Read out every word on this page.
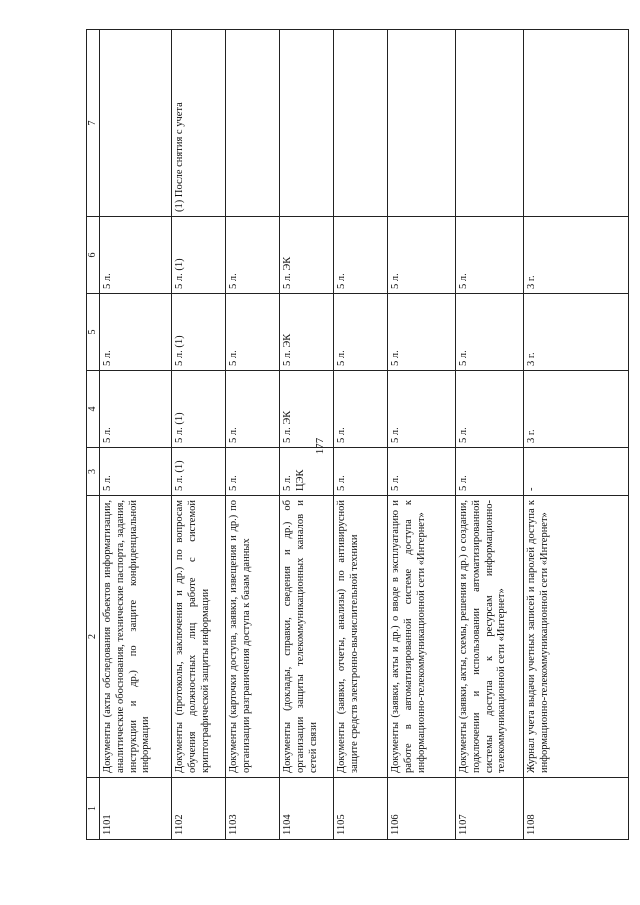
177
1	2	3	4	5	6	7
1101	Документы (акты обследования объектов информатизации, аналитические обоснования, технические паспорта, задания, инструкции и др.) по защите конфиденциальной информации	5 л.	5 л.	5 л.	5 л.	
1102	Документы (протоколы, заключения и др.) по вопросам обучения должностных лиц работе с системой криптографической защиты информации	5 л. (1)	5 л. (1)	5 л. (1)	5 л. (1)	(1) После снятия с учета
1103	Документы (карточки доступа, заявки, извещения и др.) по организации разграничения доступа к базам данных	5 л.	5 л.	5 л.	5 л.	
1104	Документы (доклады, справки, сведения и др.) об организации защиты телекоммуникационных каналов и сетей связи	5 л. ЦЭК	5 л. ЭК	5 л. ЭК	5 л. ЭК	
1105	Документы (заявки, отчеты, анализы) по антивирусной защите средств электронно-вычислительной техники	5 л.	5 л.	5 л.	5 л.	
1106	Документы (заявки, акты и др.) о вводе в эксплуатацию и работе в автоматизированной системе доступа к информационно-телекоммуникационной сети «Интернет»	5 л.	5 л.	5 л.	5 л.	
1107	Документы (заявки, акты, схемы, решения и др.) о создании, подключении и использовании автоматизированной системы доступа к ресурсам информационно-телекоммуникационной сети «Интернет»	5 л.	5 л.	5 л.	5 л.	
1108	Журнал учета выдачи учетных записей и паролей доступа к информационно-телекоммуникационной сети «Интернет»	-	3 г.	3 г.	3 г.	
